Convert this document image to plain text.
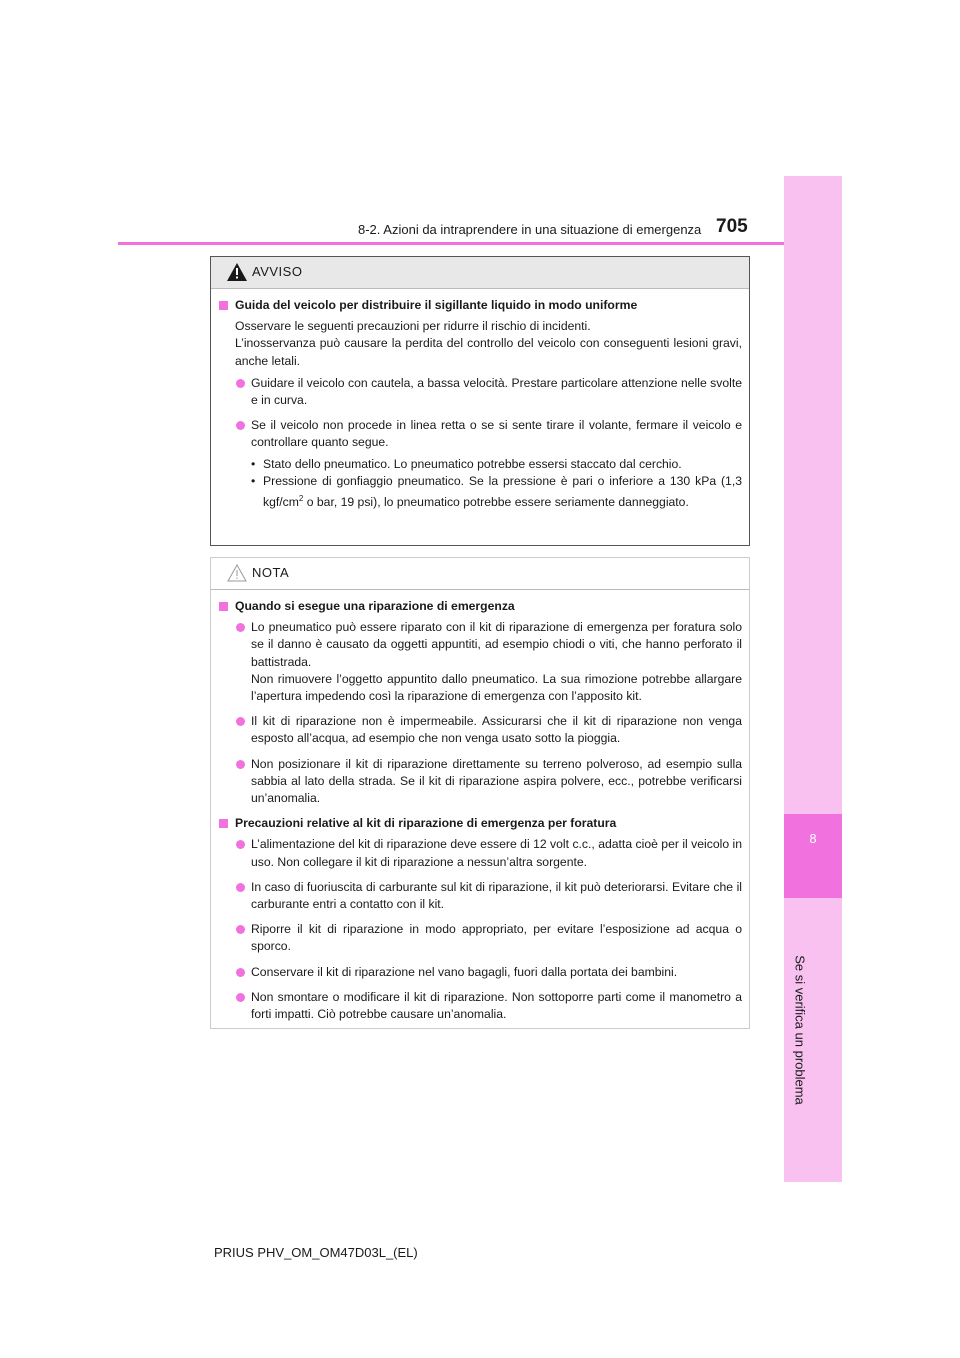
8
Se si verifica un problema
8-2. Azioni da intraprendere in una situazione di emergenza 705
AVVISO
Guida del veicolo per distribuire il sigillante liquido in modo uniforme
Osservare le seguenti precauzioni per ridurre il rischio di incidenti.
L’inosservanza può causare la perdita del controllo del veicolo con conseguenti lesioni gravi, anche letali.
Guidare il veicolo con cautela, a bassa velocità. Prestare particolare attenzione nelle svolte e in curva.
Se il veicolo non procede in linea retta o se si sente tirare il volante, fermare il veicolo e controllare quanto segue.
• Stato dello pneumatico. Lo pneumatico potrebbe essersi staccato dal cerchio.
• Pressione di gonfiaggio pneumatico. Se la pressione è pari o inferiore a 130 kPa (1,3 kgf/$cm^2$ o bar, 19 psi), lo pneumatico potrebbe essere seriamente danneggiato.
NOTA
Quando si esegue una riparazione di emergenza
Lo pneumatico può essere riparato con il kit di riparazione di emergenza per foratura solo se il danno è causato da oggetti appuntiti, ad esempio chiodi o viti, che hanno perforato il battistrada.
Non rimuovere l’oggetto appuntito dallo pneumatico. La sua rimozione potrebbe allargare l’apertura impedendo così la riparazione di emergenza con l’apposito kit.
Il kit di riparazione non è impermeabile. Assicurarsi che il kit di riparazione non venga esposto all’acqua, ad esempio che non venga usato sotto la pioggia.
Non posizionare il kit di riparazione direttamente su terreno polveroso, ad esempio sulla sabbia al lato della strada. Se il kit di riparazione aspira polvere, ecc., potrebbe verificarsi un’anomalia.
Precauzioni relative al kit di riparazione di emergenza per foratura
L’alimentazione del kit di riparazione deve essere di 12 volt c.c., adatta cioè per il veicolo in uso. Non collegare il kit di riparazione a nessun’altra sorgente.
In caso di fuoriuscita di carburante sul kit di riparazione, il kit può deteriorarsi. Evitare che il carburante entri a contatto con il kit.
Riporre il kit di riparazione in modo appropriato, per evitare l’esposizione ad acqua o sporco.
Conservare il kit di riparazione nel vano bagagli, fuori dalla portata dei bambini.
Non smontare o modificare il kit di riparazione. Non sottoporre parti come il manometro a forti impatti. Ciò potrebbe causare un’anomalia.
PRIUS PHV_OM_OM47D03L_(EL)
